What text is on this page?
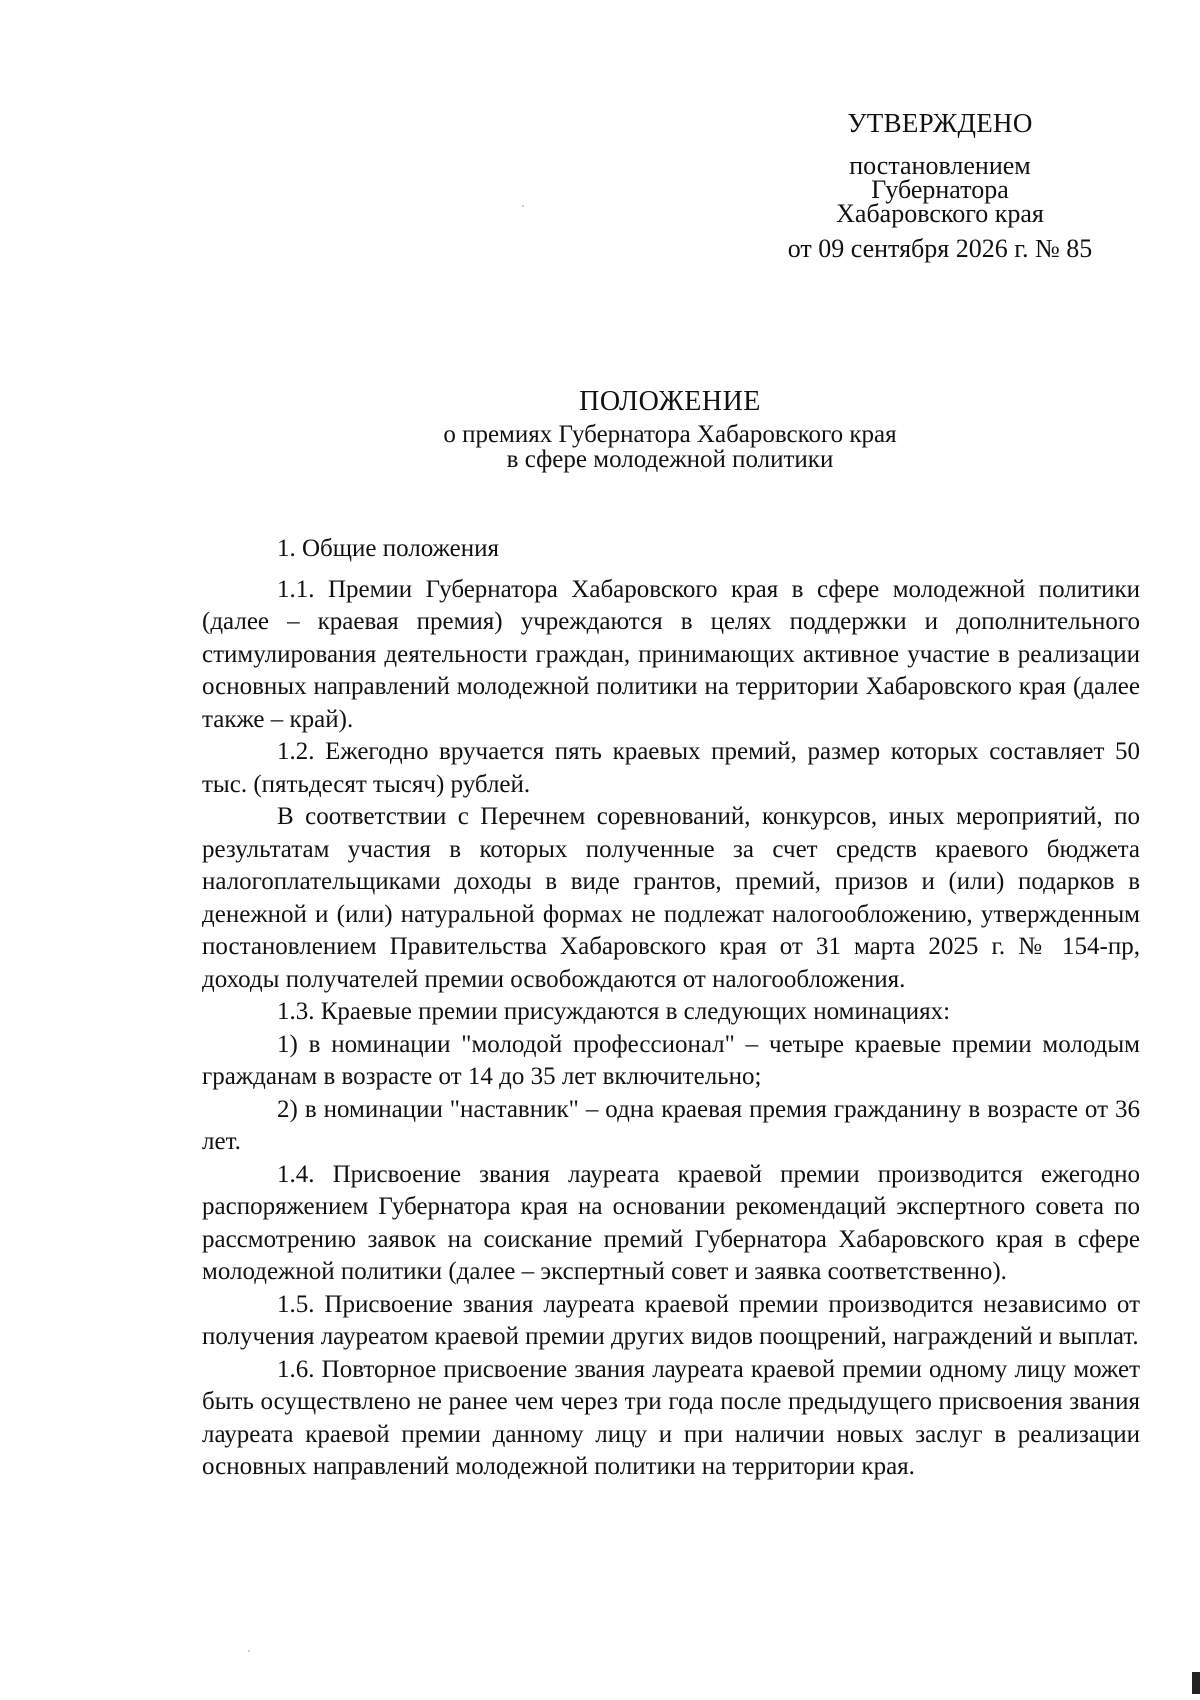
УТВЕРЖДЕНО
постановлением
Губернатора
Хабаровского края
от 09 сентября 2026 г. № 85
ПОЛОЖЕНИЕ
о премиях Губернатора Хабаровского края
в сфере молодежной политики

1. Общие положения

1.1. Премии Губернатора Хабаровского края в сфере молодежной политики (далее – краевая премия) учреждаются в целях поддержки и дополнительного стимулирования деятельности граждан, принимающих активное участие в реализации основных направлений молодежной политики на территории Хабаровского края (далее также – край).

1.2. Ежегодно вручается пять краевых премий, размер которых составляет 50 тыс. (пятьдесят тысяч) рублей.

В соответствии с Перечнем соревнований, конкурсов, иных мероприятий, по результатам участия в которых полученные за счет средств краевого бюджета налогоплательщиками доходы в виде грантов, премий, призов и (или) подарков в денежной и (или) натуральной формах не подлежат налогообложению, утвержденным постановлением Правительства Хабаровского края от 31 марта 2025 г. № 154-пр, доходы получателей премии освобождаются от налогообложения.

1.3. Краевые премии присуждаются в следующих номинациях:

1) в номинации "молодой профессионал" – четыре краевые премии молодым гражданам в возрасте от 14 до 35 лет включительно;

2) в номинации "наставник" – одна краевая премия гражданину в возрасте от 36 лет.

1.4. Присвоение звания лауреата краевой премии производится ежегодно распоряжением Губернатора края на основании рекомендаций экспертного совета по рассмотрению заявок на соискание премий Губернатора Хабаровского края в сфере молодежной политики (далее – экспертный совет и заявка соответственно).

1.5. Присвоение звания лауреата краевой премии производится независимо от получения лауреатом краевой премии других видов поощрений, награждений и выплат.

1.6. Повторное присвоение звания лауреата краевой премии одному лицу может быть осуществлено не ранее чем через три года после предыдущего присвоения звания лауреата краевой премии данному лицу и при наличии новых заслуг в реализации основных направлений молодежной политики на территории края.
